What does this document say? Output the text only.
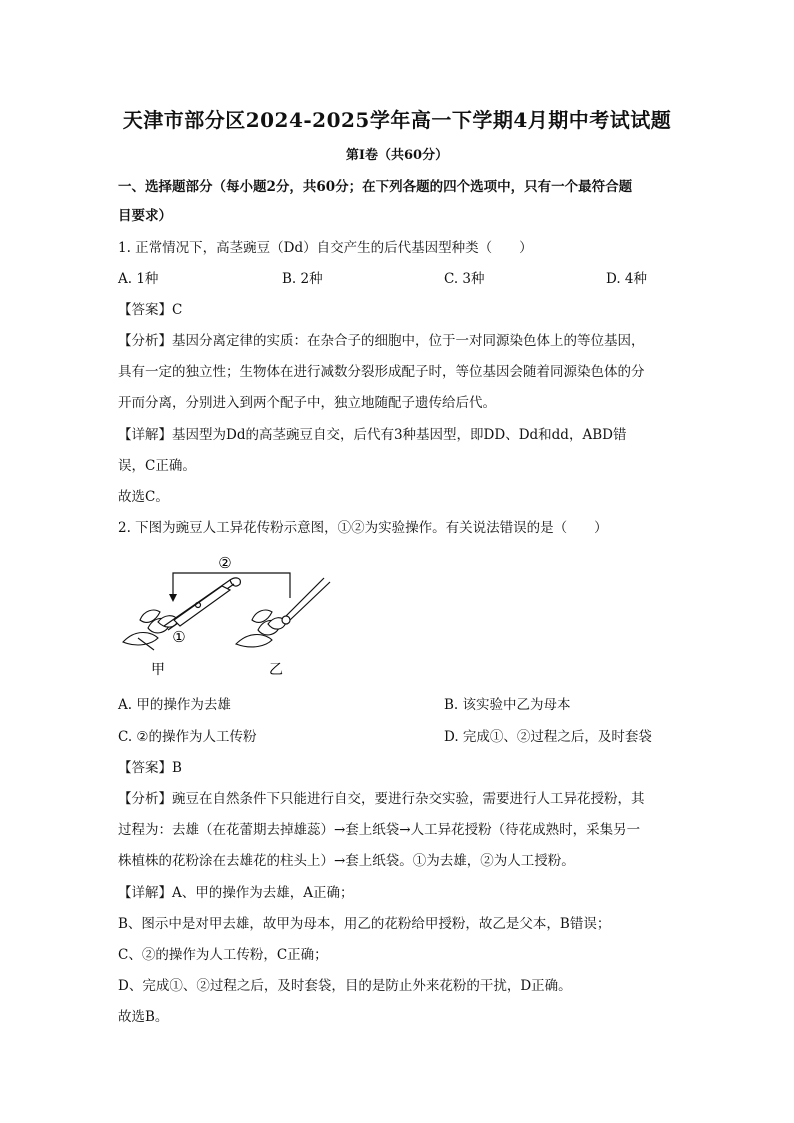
天津市部分区2024-2025学年高一下学期4月期中考试试题
第I卷（共60分）
一、选择题部分（每小题2分，共60分；在下列各题的四个选项中，只有一个最符合题
目要求）
1. 正常情况下，高茎豌豆（Dd）自交产生的后代基因型种类（　　）
A. 1种	B. 2种	C. 3种	D. 4种
【答案】C
【分析】基因分离定律的实质：在杂合子的细胞中，位于一对同源染色体上的等位基因，
具有一定的独立性；生物体在进行减数分裂形成配子时，等位基因会随着同源染色体的分
开而分离，分别进入到两个配子中，独立地随配子遗传给后代。
【详解】基因型为Dd的高茎豌豆自交，后代有3种基因型，即DD、Dd和dd，ABD错
误，C正确。
故选C。
2. 下图为豌豆人工异花传粉示意图，①②为实验操作。有关说法错误的是（　　）
②
①
甲	乙
A. 甲的操作为去雄	B. 该实验中乙为母本
C. ②的操作为人工传粉	D. 完成①、②过程之后，及时套袋
【答案】B
【分析】豌豆在自然条件下只能进行自交，要进行杂交实验，需要进行人工异花授粉，其
过程为：去雄（在花蕾期去掉雄蕊）→套上纸袋→人工异花授粉（待花成熟时，采集另一
株植株的花粉涂在去雄花的柱头上）→套上纸袋。①为去雄，②为人工授粉。
【详解】A、甲的操作为去雄，A正确；
B、图示中是对甲去雄，故甲为母本，用乙的花粉给甲授粉，故乙是父本，B错误；
C、②的操作为人工传粉，C正确；
D、完成①、②过程之后，及时套袋，目的是防止外来花粉的干扰，D正确。
故选B。
